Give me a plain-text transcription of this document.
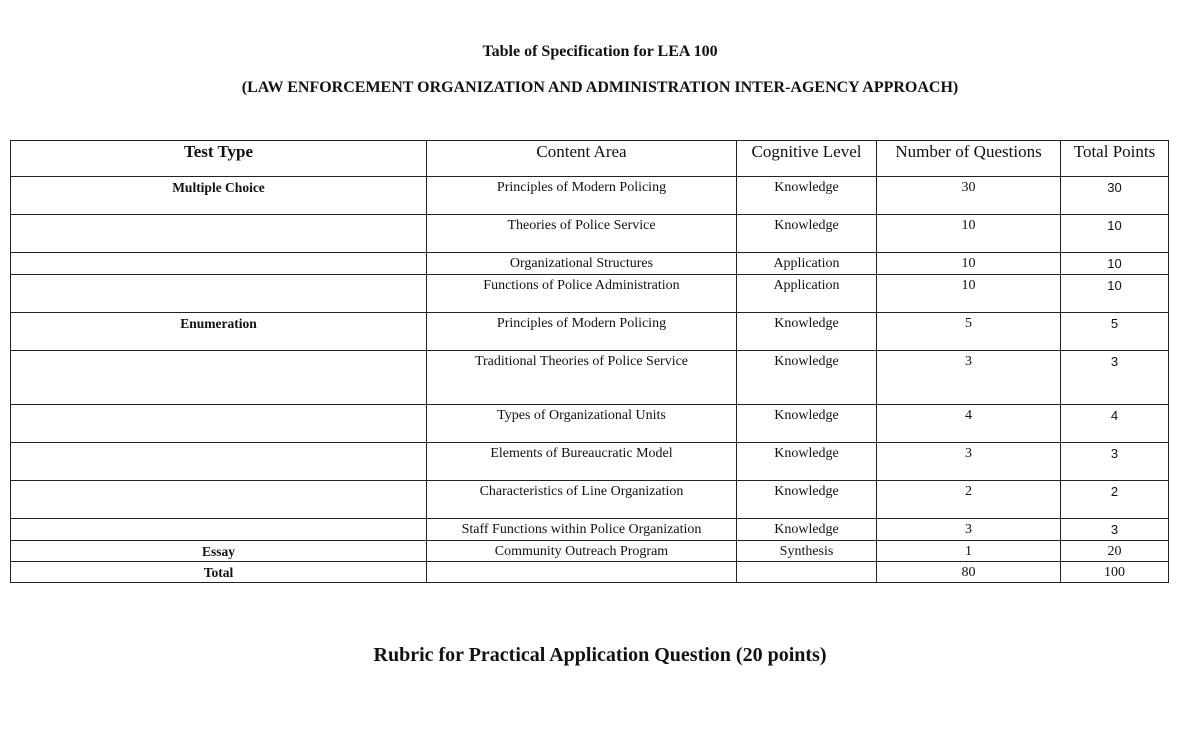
Table of Specification for LEA 100
(LAW ENFORCEMENT ORGANIZATION AND ADMINISTRATION INTER-AGENCY APPROACH)
Test Type	Content Area	Cognitive Level	Number of Questions	Total Points
Multiple Choice	Principles of Modern Policing	Knowledge	30	30
	Theories of Police Service	Knowledge	10	10
	Organizational Structures	Application	10	10
	Functions of Police Administration	Application	10	10
Enumeration	Principles of Modern Policing	Knowledge	5	5
	Traditional Theories of Police Service	Knowledge	3	3
	Types of Organizational Units	Knowledge	4	4
	Elements of Bureaucratic Model	Knowledge	3	3
	Characteristics of Line Organization	Knowledge	2	2
	Staff Functions within Police Organization	Knowledge	3	3
Essay	Community Outreach Program	Synthesis	1	20
Total			80	100
Rubric for Practical Application Question (20 points)
